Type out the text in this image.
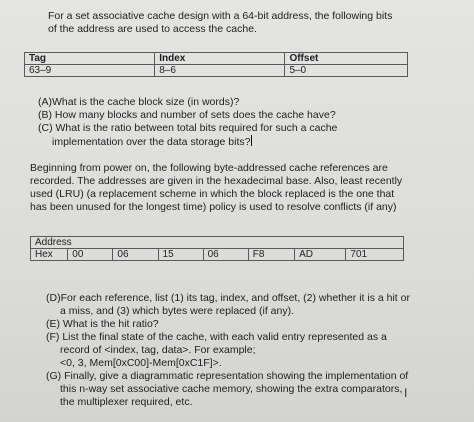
For a set associative cache design with a 64-bit address, the following bits
of the address are used to access the cache.
Tag	Index	Offset
63–9	8–6	5–0
(A)What is the cache block size (in words)?
(B) How many blocks and number of sets does the cache have?
(C) What is the ratio between total bits required for such a cache
implementation over the data storage bits?
Beginning from power on, the following byte-addressed cache references are
recorded. The addresses are given in the hexadecimal base. Also, least recently
used (LRU) (a replacement scheme in which the block replaced is the one that
has been unused for the longest time) policy is used to resolve conflicts (if any)
Address
Hex	00	06	15	06	F8	AD	701
(D)For each reference, list (1) its tag, index, and offset, (2) whether it is a hit or
a miss, and (3) which bytes were replaced (if any).
(E) What is the hit ratio?
(F) List the final state of the cache, with each valid entry represented as a
record of <index, tag, data>. For example;
<0, 3, Mem[0xC00]-Mem[0xC1F]>.
(G) Finally, give a diagrammatic representation showing the implementation of
this n-way set associative cache memory, showing the extra comparators,
the multiplexer required, etc.
I
